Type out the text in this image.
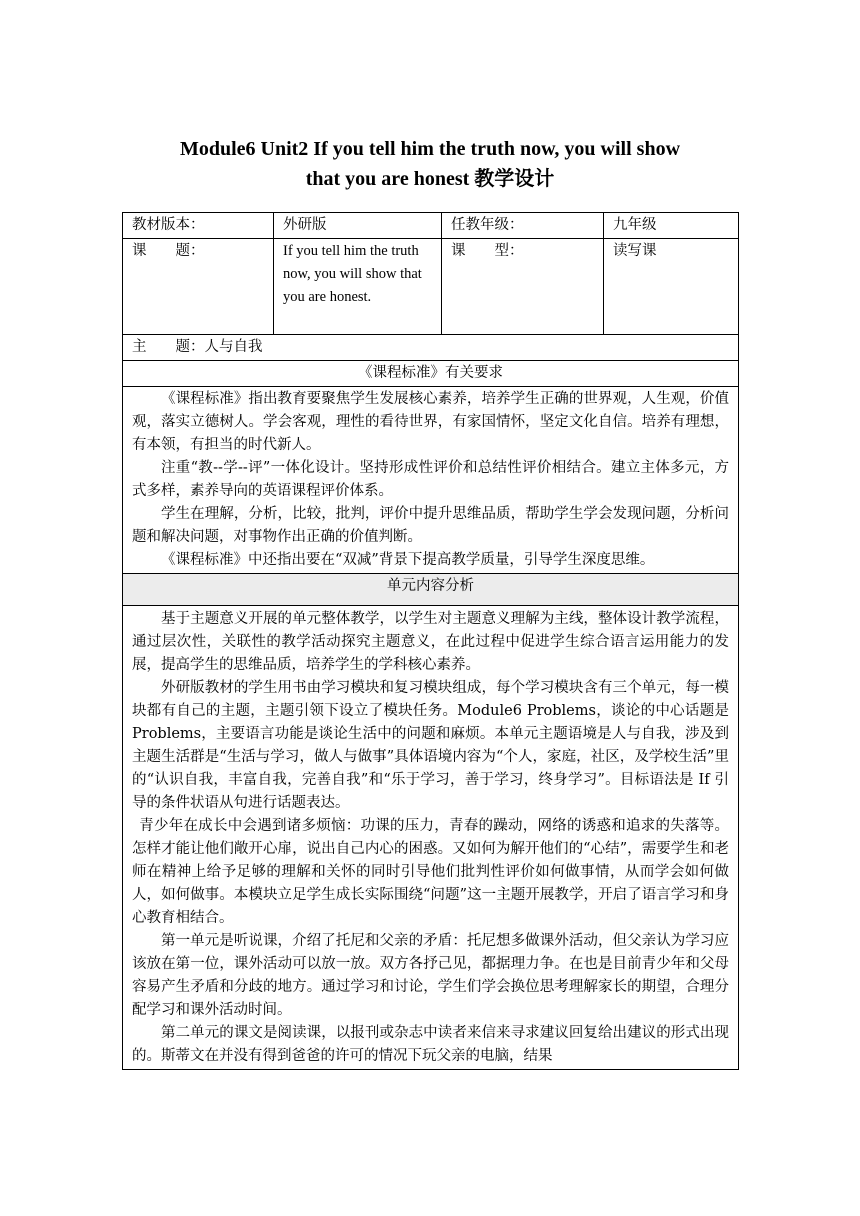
Module6 Unit2 If you tell him the truth now, you will show
that you are honest 教学设计
教材版本：	外研版	任教年级：	九年级
课　　题：	If you tell him the truth now, you will show that you are honest.	课　　型：	读写课
主　　题：人与自我			
《课程标准》有关要求			

《课程标准》指出教育要聚焦学生发展核心素养，培养学生正确的世界观，人生观，价值观，落实立德树人。学会客观，理性的看待世界，有家国情怀，坚定文化自信。培养有理想，有本领，有担当的时代新人。

注重“教--学--评”一体化设计。坚持形成性评价和总结性评价相结合。建立主体多元，方式多样，素养导向的英语课程评价体系。

学生在理解，分析，比较，批判，评价中提升思维品质，帮助学生学会发现问题，分析问题和解决问题，对事物作出正确的价值判断。

《课程标准》中还指出要在“双减”背景下提高教学质量，引导学生深度思维。			

单元内容分析			

基于主题意义开展的单元整体教学，以学生对主题意义理解为主线，整体设计教学流程，通过层次性，关联性的教学活动探究主题意义，在此过程中促进学生综合语言运用能力的发展，提高学生的思维品质，培养学生的学科核心素养。

外研版教材的学生用书由学习模块和复习模块组成，每个学习模块含有三个单元，每一模块都有自己的主题，主题引领下设立了模块任务。Module6 Problems，谈论的中心话题是 Problems，主要语言功能是谈论生活中的问题和麻烦。本单元主题语境是人与自我，涉及到主题生活群是“生活与学习，做人与做事”具体语境内容为“个人，家庭，社区，及学校生活”里的“认识自我，丰富自我，完善自我”和“乐于学习，善于学习，终身学习”。目标语法是 If 引导的条件状语从句进行话题表达。

青少年在成长中会遇到诸多烦恼：功课的压力，青春的躁动，网络的诱惑和追求的失落等。怎样才能让他们敞开心扉，说出自己内心的困惑。又如何为解开他们的“心结”，需要学生和老师在精神上给予足够的理解和关怀的同时引导他们批判性评价如何做事情，从而学会如何做人，如何做事。本模块立足学生成长实际围绕“问题”这一主题开展教学，开启了语言学习和身心教育相结合。

第一单元是听说课，介绍了托尼和父亲的矛盾：托尼想多做课外活动，但父亲认为学习应该放在第一位，课外活动可以放一放。双方各抒己见，都据理力争。在也是目前青少年和父母容易产生矛盾和分歧的地方。通过学习和讨论，学生们学会换位思考理解家长的期望，合理分配学习和课外活动时间。

第二单元的课文是阅读课，以报刊或杂志中读者来信来寻求建议回复给出建议的形式出现的。斯蒂文在并没有得到爸爸的许可的情况下玩父亲的电脑，结果			
